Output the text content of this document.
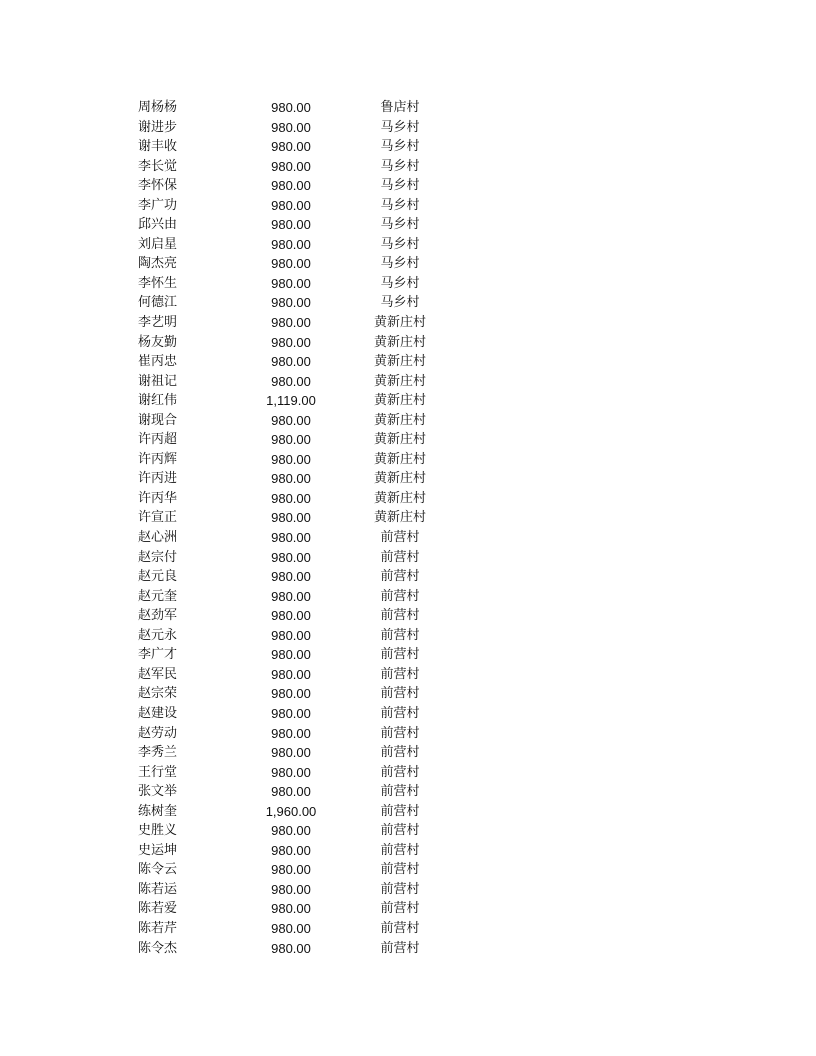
周杨杨	980.00	鲁店村
谢进步	980.00	马乡村
谢丰收	980.00	马乡村
李长觉	980.00	马乡村
李怀保	980.00	马乡村
李广功	980.00	马乡村
邱兴由	980.00	马乡村
刘启星	980.00	马乡村
陶杰亮	980.00	马乡村
李怀生	980.00	马乡村
何德江	980.00	马乡村
李艺明	980.00	黄新庄村
杨友勤	980.00	黄新庄村
崔丙忠	980.00	黄新庄村
谢祖记	980.00	黄新庄村
谢红伟	1,119.00	黄新庄村
谢现合	980.00	黄新庄村
许丙超	980.00	黄新庄村
许丙辉	980.00	黄新庄村
许丙进	980.00	黄新庄村
许丙华	980.00	黄新庄村
许宣正	980.00	黄新庄村
赵心洲	980.00	前营村
赵宗付	980.00	前营村
赵元良	980.00	前营村
赵元奎	980.00	前营村
赵劲军	980.00	前营村
赵元永	980.00	前营村
李广才	980.00	前营村
赵军民	980.00	前营村
赵宗荣	980.00	前营村
赵建设	980.00	前营村
赵劳动	980.00	前营村
李秀兰	980.00	前营村
王行堂	980.00	前营村
张文举	980.00	前营村
练树奎	1,960.00	前营村
史胜义	980.00	前营村
史运坤	980.00	前营村
陈令云	980.00	前营村
陈若运	980.00	前营村
陈若爱	980.00	前营村
陈若芹	980.00	前营村
陈令杰	980.00	前营村
